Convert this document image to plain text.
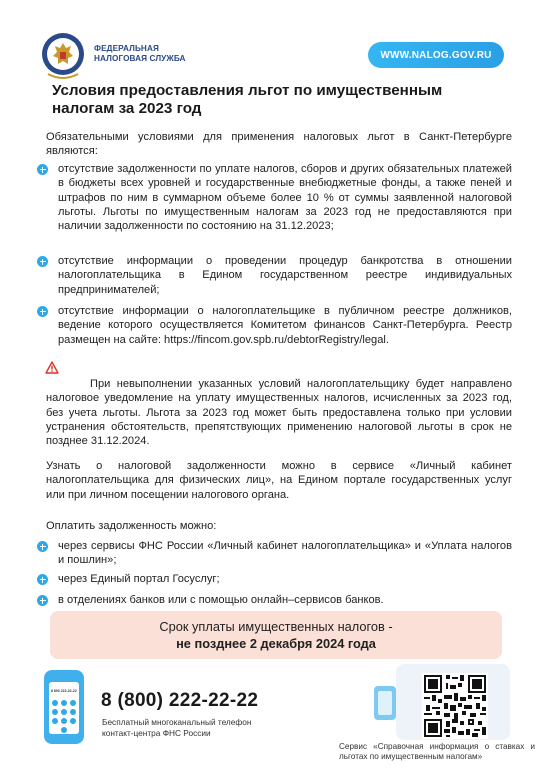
ФЕДЕРАЛЬНАЯ
НАЛОГОВАЯ СЛУЖБА	WWW.NALOG.GOV.RU
Условия предоставления льгот по имущественным налогам за 2023 год

Обязательными условиями для применения налоговых льгот в Санкт-Петербурге являются:

отсутствие задолженности по уплате налогов, сборов и других обязательных платежей в бюджеты всех уровней и государственные внебюджетные фонды, а также пеней и штрафов по ним в суммарном объеме более 10 % от суммы заявленной налоговой льготы. Льготы по имущественным налогам за 2023 год не предоставляются при наличии задолженности по состоянию на 31.12.2023;

отсутствие информации о проведении процедур банкротства в отношении налогоплательщика в Едином государственном реестре индивидуальных предпринимателей;

отсутствие информации о налогоплательщике в публичном реестре должников, ведение которого осуществляется Комитетом финансов Санкт-Петербурга. Реестр размещен на сайте: https://fincom.gov.spb.ru/debtorRegistry/legal.

При невыполнении указанных условий налогоплательщику будет направлено налоговое уведомление на уплату имущественных налогов, исчисленных за 2023 год, без учета льготы. Льгота за 2023 год может быть предоставлена только при условии устранения обстоятельств, препятствующих применению налоговой льготы в срок не позднее 31.12.2024.

Узнать о налоговой задолженности можно в сервисе «Личный кабинет налогоплательщика для физических лиц», на Едином портале государственных услуг или при личном посещении налогового органа.

Оплатить задолженность можно:

через сервисы ФНС России «Личный кабинет налогоплательщика» и «Уплата налогов и пошлин»;

через Единый портал Госуслуг;

в отделениях банков или с помощью онлайн–сервисов банков.

Срок уплаты имущественных налогов -
не позднее 2 декабря 2024 года
8 800 222-22-22 8 (800) 222-22-22
Бесплатный многоканальный телефон
контакт-центра ФНС России
Сервис «Справочная информация о ставках и льготах по имущественным налогам»
